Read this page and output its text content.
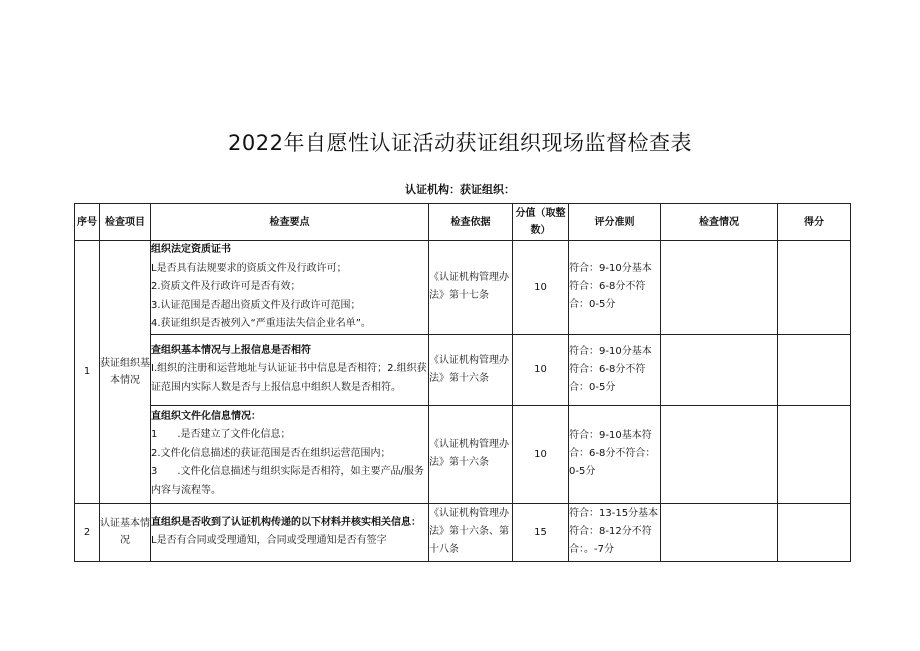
2022年自愿性认证活动获证组织现场监督检查表
认证机构：获证组织：
序号	检查项目	检查要点	检查依据	分值（取整数）	评分准则	检查情况	得分
1	获证组织基本情况	组织法定资质证书
L是否具有法规要求的资质文件及行政许可；
2.资质文件及行政许可是否有效；
3.认证范围是否超出资质文件及行政许可范围；
4.获证组织是否被列入“严重违法失信企业名单”。	《认证机构管理办法》第十七条	10	符合：9-10分基本符合：6-8分不符合：0-5分		

		查组织基本情况与上报信息是否相符
I.组织的注册和运营地址与认证证书中信息是否相符；2.组织获证范围内实际人数是否与上报信息中组织人数是否相符。	《认证机构管理办法》第十六条	10	符合：9-10分基本符合：6-8分不符合：0-5分		

		直组织文件化信息情况：
1　　.是否建立了文件化信息；
2.文件化信息描述的获证范围是否在组织运营范围内；
3　　.文件化信息描述与组织实际是否相符，如主要产品/服务内容与流程等。	《认证机构管理办法》第十六条	10	符合：9-10基本符合：6-8分不符合：0-5分		
2	认证基本情况	直组织是否收到了认证机构传递的以下材料并核实相关信息：
L是否有合同或受理通知，合同或受理通知是否有签字	《认证机构管理办法》第十六条、第十八条	15	符合：13-15分基本符合：8-12分不符合：。-7分		
